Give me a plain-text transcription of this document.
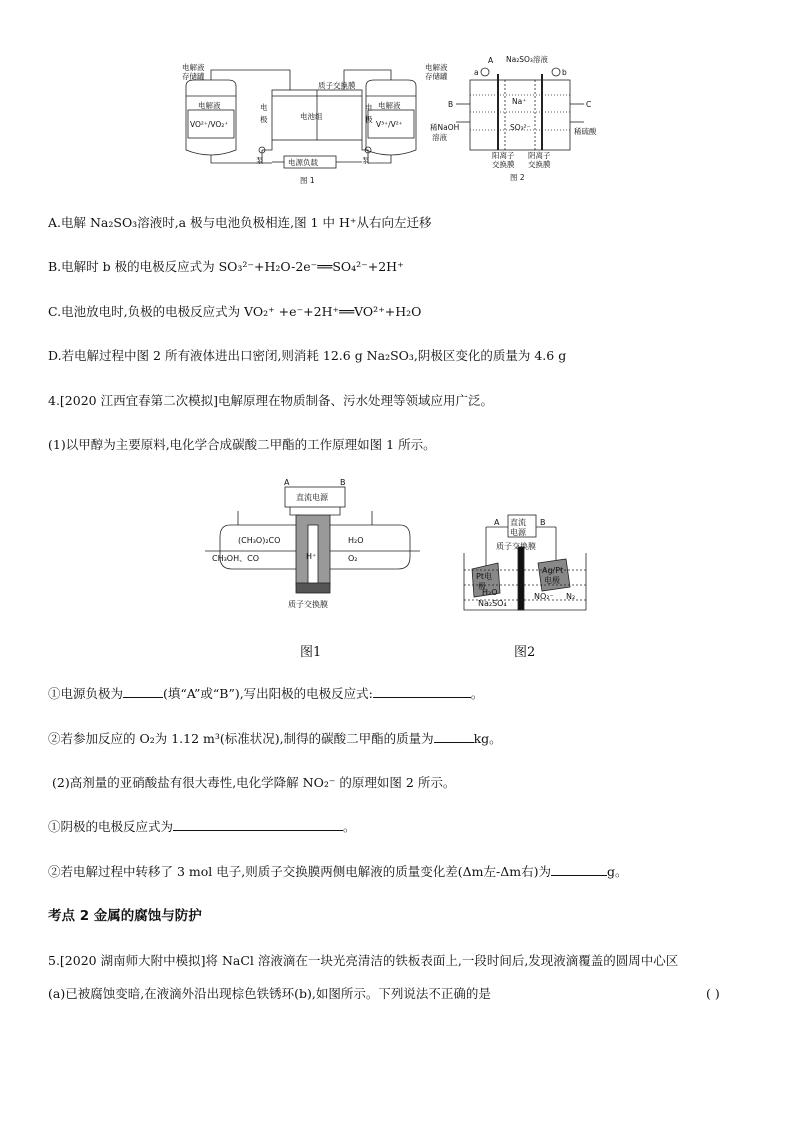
电解液
存储罐
电解液
VO²⁺/VO₂⁺
电
极
质子交换膜
电池组
电
极
电解液
存储罐
电解液
V³⁺/V²⁺
泵	泵
电源负载
图 1
a
A Na₂SO₃溶液
b
B	C
Na⁺
SO₃²⁻
稀NaOH
溶液
稀硫酸
阳离子
交换膜
阴离子
交换膜
图 2
A.电解 Na₂SO₃溶液时,a 极与电池负极相连,图 1 中 H⁺从右向左迁移
B.电解时 b 极的电极反应式为 SO₃²⁻+H₂O-2e⁻══SO₄²⁻+2H⁺
C.电池放电时,负极的电极反应式为 VO₂⁺ +e⁻+2H⁺══VO²⁺+H₂O
D.若电解过程中图 2 所有液体进出口密闭,则消耗 12.6 g Na₂SO₃,阴极区变化的质量为 4.6 g
4.[2020 江西宜春第二次模拟]电解原理在物质制备、污水处理等领域应用广泛。
(1)以甲醇为主要原料,电化学合成碳酸二甲酯的工作原理如图 1 所示。
直流电源
A	B
(CH₃O)₂CO
CH₃OH、CO	H⁺
H₂O
O₂
质子交换膜
直流
电源
A	B
质子交换膜
Pt电
极
Ag/Pt
电极
H₂O
Na₂SO₄
NO₂⁻ N₂
图1	图2
①电源负极为	(填“A”或“B”),写出阳极的电极反应式:	。
②若参加反应的 O₂为 1.12 m³(标准状况),制得的碳酸二甲酯的质量为	kg。
(2)高剂量的亚硝酸盐有很大毒性,电化学降解 NO₂⁻ 的原理如图 2 所示。
①阴极的电极反应式为	。
②若电解过程中转移了 3 mol 电子,则质子交换膜两侧电解液的质量变化差(Δm左-Δm右)为	g。
考点 2 金属的腐蚀与防护
5.[2020 湖南师大附中模拟]将 NaCl 溶液滴在一块光亮清洁的铁板表面上,一段时间后,发现液滴覆盖的圆周中心区
(a)已被腐蚀变暗,在液滴外沿出现棕色铁锈环(b),如图所示。下列说法不正确的是	( )
